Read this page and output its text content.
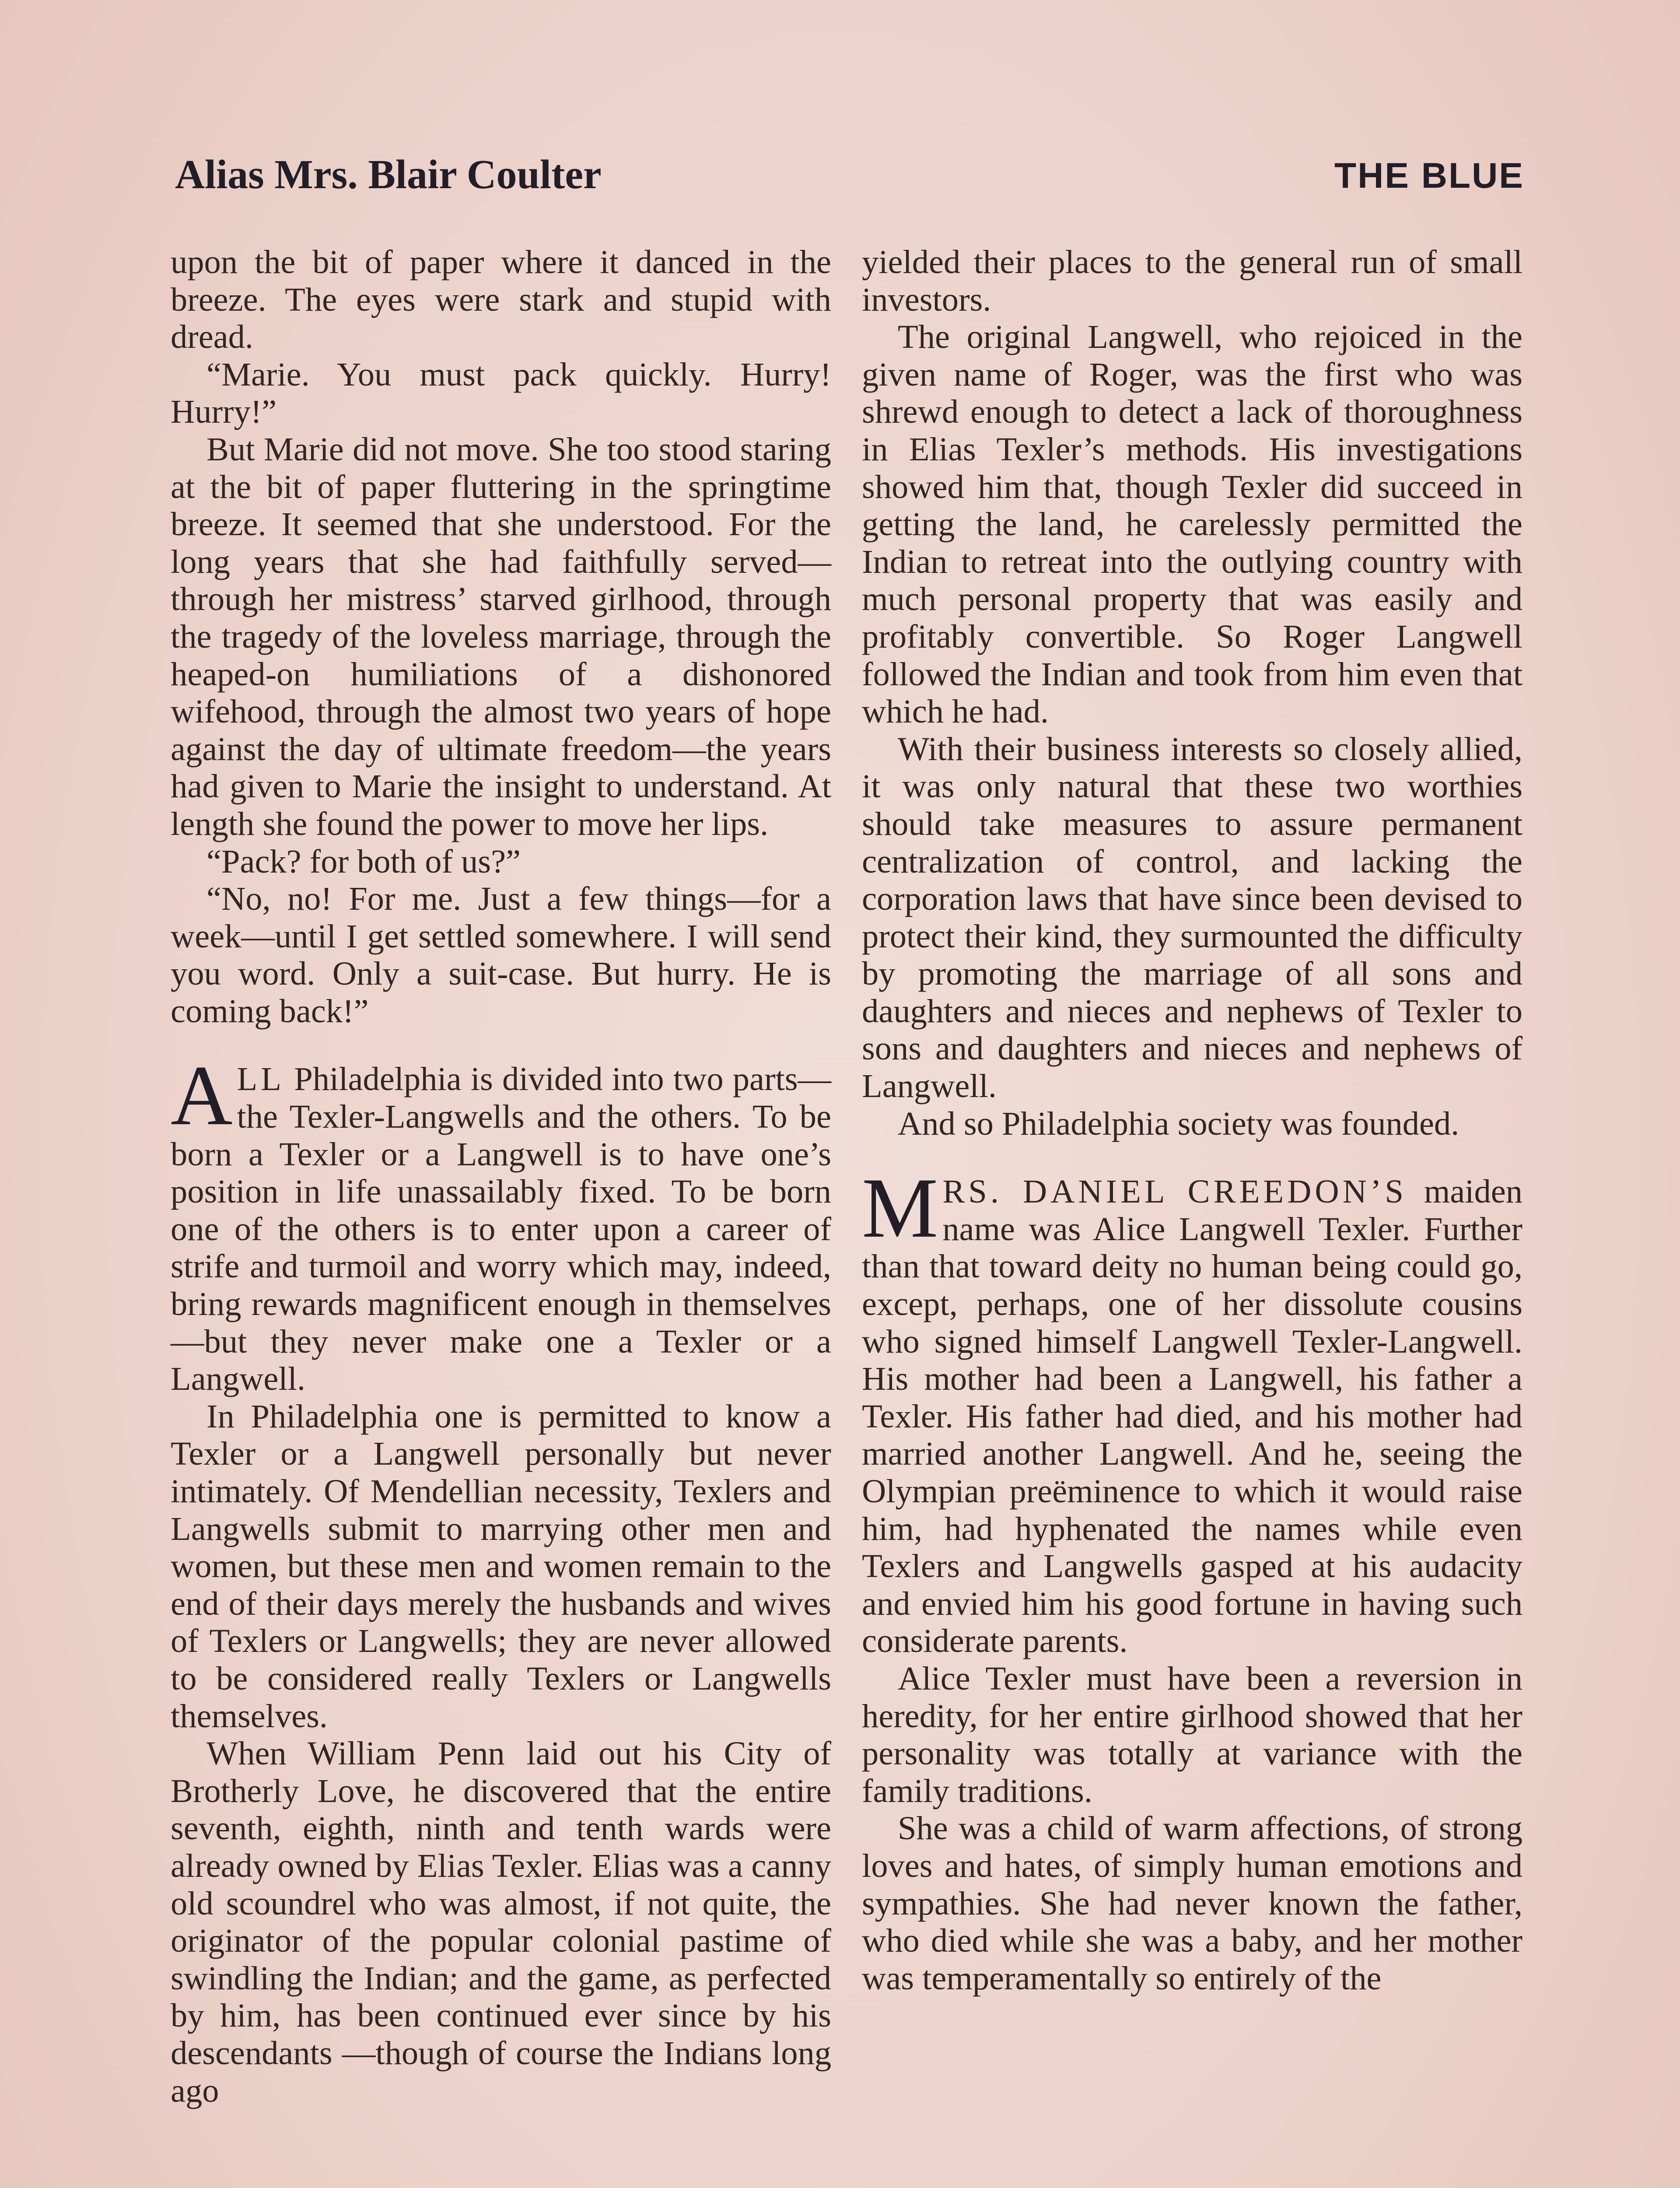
Alias Mrs. Blair Coulter	THE BLUE

upon the bit of paper where it danced in the breeze. The eyes were stark and stupid with dread.

“Marie. You must pack quickly. Hurry! Hurry!”

But Marie did not move. She too stood staring at the bit of paper fluttering in the springtime breeze. It seemed that she understood. For the long years that she had faithfully served—through her mistress’ starved girlhood, through the tragedy of the loveless marriage, through the heaped-on humiliations of a dishonored wifehood, through the almost two years of hope against the day of ultimate freedom—the years had given to Marie the insight to understand. At length she found the power to move her lips.

“Pack? for both of us?”

“No, no! For me. Just a few things—for a week—until I get settled somewhere. I will send you word. Only a suit-case. But hurry. He is coming back!”

ALL Philadelphia is divided into two parts—the Texler-Langwells and the others. To be born a Texler or a Langwell is to have one’s position in life unassailably fixed. To be born one of the others is to enter upon a career of strife and turmoil and worry which may, indeed, bring rewards magnificent enough in themselves—but they never make one a Texler or a Langwell.

In Philadelphia one is permitted to know a Texler or a Langwell personally but never intimately. Of Mendellian necessity, Texlers and Langwells submit to marrying other men and women, but these men and women remain to the end of their days merely the husbands and wives of Texlers or Langwells; they are never allowed to be considered really Texlers or Langwells themselves.

When William Penn laid out his City of Brotherly Love, he discovered that the entire seventh, eighth, ninth and tenth wards were already owned by Elias Texler. Elias was a canny old scoundrel who was almost, if not quite, the originator of the popular colonial pastime of swindling the Indian; and the game, as perfected by him, has been continued ever since by his descendants —though of course the Indians long ago

yielded their places to the general run of small investors.

The original Langwell, who rejoiced in the given name of Roger, was the first who was shrewd enough to detect a lack of thoroughness in Elias Texler’s methods. His investigations showed him that, though Texler did succeed in getting the land, he carelessly permitted the Indian to retreat into the outlying country with much personal property that was easily and profitably convertible. So Roger Langwell followed the Indian and took from him even that which he had.

With their business interests so closely allied, it was only natural that these two worthies should take measures to assure permanent centralization of control, and lacking the corporation laws that have since been devised to protect their kind, they surmounted the difficulty by promoting the marriage of all sons and daughters and nieces and nephews of Texler to sons and daughters and nieces and nephews of Langwell.

And so Philadelphia society was founded.

MRS. DANIEL CREEDON’S maiden name was Alice Langwell Texler. Further than that toward deity no human being could go, except, perhaps, one of her dissolute cousins who signed himself Langwell Texler-Langwell. His mother had been a Langwell, his father a Texler. His father had died, and his mother had married another Langwell. And he, seeing the Olympian preëminence to which it would raise him, had hyphenated the names while even Texlers and Langwells gasped at his audacity and envied him his good fortune in having such considerate parents.

Alice Texler must have been a reversion in heredity, for her entire girlhood showed that her personality was totally at variance with the family traditions.

She was a child of warm affections, of strong loves and hates, of simply human emotions and sympathies. She had never known the father, who died while she was a baby, and her mother was temperamentally so entirely of the
